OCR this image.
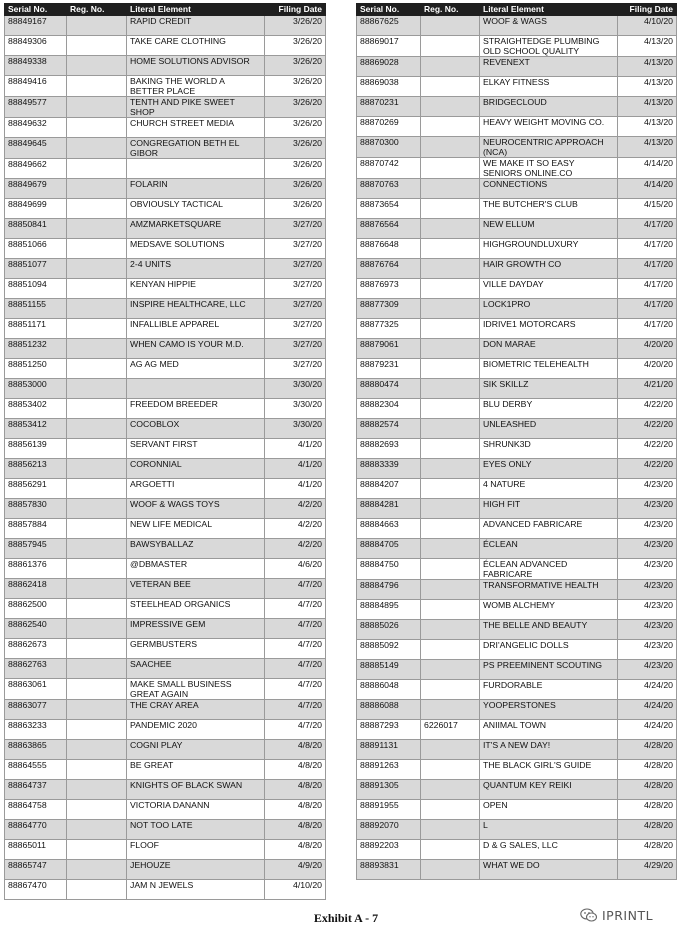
Serial No.	Reg. No.	Literal Element	Filing Date
88849167		RAPID CREDIT	3/26/20
88849306		TAKE CARE CLOTHING	3/26/20
88849338		HOME SOLUTIONS ADVISOR	3/26/20
88849416		BAKING THE WORLD A BETTER PLACE	3/26/20
88849577		TENTH AND PIKE SWEET SHOP	3/26/20
88849632		CHURCH STREET MEDIA	3/26/20
88849645		CONGREGATION BETH EL GIBOR	3/26/20
88849662			3/26/20
88849679		FOLARIN	3/26/20
88849699		OBVIOUSLY TACTICAL	3/26/20
88850841		AMZMARKETSQUARE	3/27/20
88851066		MEDSAVE SOLUTIONS	3/27/20
88851077		2-4 UNITS	3/27/20
88851094		KENYAN HIPPIE	3/27/20
88851155		INSPIRE HEALTHCARE, LLC	3/27/20
88851171		INFALLIBLE APPAREL	3/27/20
88851232		WHEN CAMO IS YOUR M.D.	3/27/20
88851250		AG AG MED	3/27/20
88853000			3/30/20
88853402		FREEDOM BREEDER	3/30/20
88853412		COCOBLOX	3/30/20
88856139		SERVANT FIRST	4/1/20
88856213		CORONNIAL	4/1/20
88856291		ARGOETTI	4/1/20
88857830		WOOF & WAGS TOYS	4/2/20
88857884		NEW LIFE MEDICAL	4/2/20
88857945		BAWSYBALLAZ	4/2/20
88861376		@DBMASTER	4/6/20
88862418		VETERAN BEE	4/7/20
88862500		STEELHEAD ORGANICS	4/7/20
88862540		IMPRESSIVE GEM	4/7/20
88862673		GERMBUSTERS	4/7/20
88862763		SAACHEE	4/7/20
88863061		MAKE SMALL BUSINESS GREAT AGAIN	4/7/20
88863077		THE CRAY AREA	4/7/20
88863233		PANDEMIC 2020	4/7/20
88863865		COGNI PLAY	4/8/20
88864555		BE GREAT	4/8/20
88864737		KNIGHTS OF BLACK SWAN	4/8/20
88864758		VICTORIA DANANN	4/8/20
88864770		NOT TOO LATE	4/8/20
88865011		FLOOF	4/8/20
88865747		JEHOUZE	4/9/20
88867470		JAM N JEWELS	4/10/20
Serial No.	Reg. No.	Literal Element	Filing Date
88867625		WOOF & WAGS	4/10/20
88869017		STRAIGHTEDGE PLUMBING OLD SCHOOL QUALITY	4/13/20
88869028		REVENEXT	4/13/20
88869038		ELKAY FITNESS	4/13/20
88870231		BRIDGECLOUD	4/13/20
88870269		HEAVY WEIGHT MOVING CO.	4/13/20
88870300		NEUROCENTRIC APPROACH (NCA)	4/13/20
88870742		WE MAKE IT SO EASY SENIORS ONLINE.CO	4/14/20
88870763		CONNECTIONS	4/14/20
88873654		THE BUTCHER'S CLUB	4/15/20
88876564		NEW ELLUM	4/17/20
88876648		HIGHGROUNDLUXURY	4/17/20
88876764		HAIR GROWTH CO	4/17/20
88876973		VILLE DAYDAY	4/17/20
88877309		LOCK1PRO	4/17/20
88877325		IDRIVE1 MOTORCARS	4/17/20
88879061		DON MARAE	4/20/20
88879231		BIOMETRIC TELEHEALTH	4/20/20
88880474		SIK SKILLZ	4/21/20
88882304		BLU DERBY	4/22/20
88882574		UNLEASHED	4/22/20
88882693		SHRUNK3D	4/22/20
88883339		EYES ONLY	4/22/20
88884207		4 NATURE	4/23/20
88884281		HIGH FIT	4/23/20
88884663		ADVANCED FABRICARE	4/23/20
88884705		ÉCLEAN	4/23/20
88884750		ÉCLEAN ADVANCED FABRICARE	4/23/20
88884796		TRANSFORMATIVE HEALTH	4/23/20
88884895		WOMB ALCHEMY	4/23/20
88885026		THE BELLE AND BEAUTY	4/23/20
88885092		DRI'ANGELIC DOLLS	4/23/20
88885149		PS PREEMINENT SCOUTING	4/23/20
88886048		FURDORABLE	4/24/20
88886088		YOOPERSTONES	4/24/20
88887293	6226017	ANIIMAL TOWN	4/24/20
88891131		IT'S A NEW DAY!	4/28/20
88891263		THE BLACK GIRL'S GUIDE	4/28/20
88891305		QUANTUM KEY REIKI	4/28/20
88891955		OPEN	4/28/20
88892070		L	4/28/20
88892203		D & G SALES, LLC	4/28/20
88893831		WHAT WE DO	4/29/20
Exhibit A - 7	IPRINTL
